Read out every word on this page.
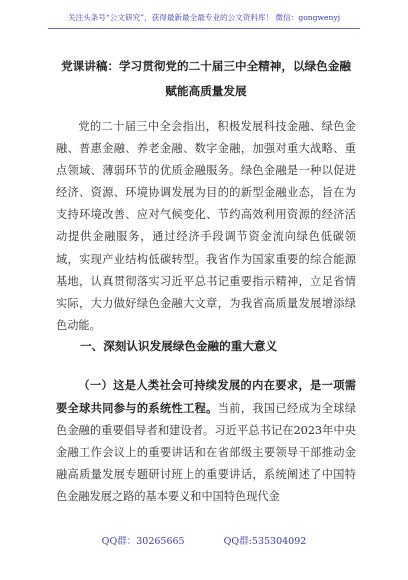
关注头条号“公文研究”，获得最新最全最专业的公文资料库！ 微信：gongwenyj
党课讲稿：学习贯彻党的二十届三中全精神，以绿色金融赋能高质量发展
党的二十届三中全会指出，积极发展科技金融、绿色金融、普惠金融、养老金融、数字金融，加强对重大战略、重点领域、薄弱环节的优质金融服务。绿色金融是一种以促进经济、资源、环境协调发展为目的的新型金融业态，旨在为支持环境改善、应对气候变化、节约高效利用资源的经济活动提供金融服务，通过经济手段调节资金流向绿色低碳领域，实现产业结构低碳转型。我省作为国家重要的综合能源基地，认真贯彻落实习近平总书记重要指示精神，立足省情实际，大力做好绿色金融大文章，为我省高质量发展增添绿色动能。
一、深刻认识发展绿色金融的重大意义
（一）这是人类社会可持续发展的内在要求，是一项需要全球共同参与的系统性工程。当前，我国已经成为全球绿色金融的重要倡导者和建设者。习近平总书记在2023年中央金融工作会议上的重要讲话和在省部级主要领导干部推动金融高质量发展专题研讨班上的重要讲话，系统阐述了中国特色金融发展之路的基本要义和中国特色现代金
QQ群：30265665	QQ群:535304092
